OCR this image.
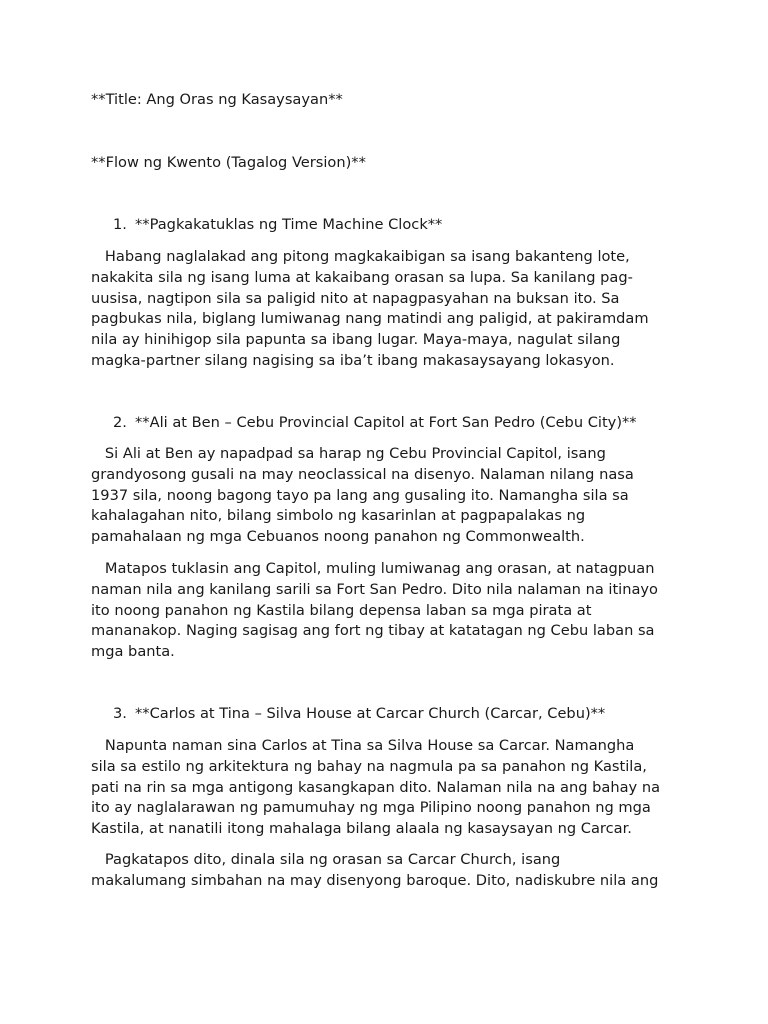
**Title: Ang Oras ng Kasaysayan**
**Flow ng Kwento (Tagalog Version)**
1. **Pagkakatuklas ng Time Machine Clock**

Habang naglalakad ang pitong magkakaibigan sa isang bakanteng lote,
nakakita sila ng isang luma at kakaibang orasan sa lupa. Sa kanilang pag-
uusisa, nagtipon sila sa paligid nito at napagpasyahan na buksan ito. Sa
pagbukas nila, biglang lumiwanag nang matindi ang paligid, at pakiramdam
nila ay hinihigop sila papunta sa ibang lugar. Maya-maya, nagulat silang
magka-partner silang nagising sa iba’t ibang makasaysayang lokasyon.

2. **Ali at Ben – Cebu Provincial Capitol at Fort San Pedro (Cebu City)**

Si Ali at Ben ay napadpad sa harap ng Cebu Provincial Capitol, isang
grandyosong gusali na may neoclassical na disenyo. Nalaman nilang nasa
1937 sila, noong bagong tayo pa lang ang gusaling ito. Namangha sila sa
kahalagahan nito, bilang simbolo ng kasarinlan at pagpapalakas ng
pamahalaan ng mga Cebuanos noong panahon ng Commonwealth.

Matapos tuklasin ang Capitol, muling lumiwanag ang orasan, at natagpuan
naman nila ang kanilang sarili sa Fort San Pedro. Dito nila nalaman na itinayo
ito noong panahon ng Kastila bilang depensa laban sa mga pirata at
mananakop. Naging sagisag ang fort ng tibay at katatagan ng Cebu laban sa
mga banta.

3. **Carlos at Tina – Silva House at Carcar Church (Carcar, Cebu)**

Napunta naman sina Carlos at Tina sa Silva House sa Carcar. Namangha
sila sa estilo ng arkitektura ng bahay na nagmula pa sa panahon ng Kastila,
pati na rin sa mga antigong kasangkapan dito. Nalaman nila na ang bahay na
ito ay naglalarawan ng pamumuhay ng mga Pilipino noong panahon ng mga
Kastila, at nanatili itong mahalaga bilang alaala ng kasaysayan ng Carcar.

Pagkatapos dito, dinala sila ng orasan sa Carcar Church, isang
makalumang simbahan na may disenyong baroque. Dito, nadiskubre nila ang
